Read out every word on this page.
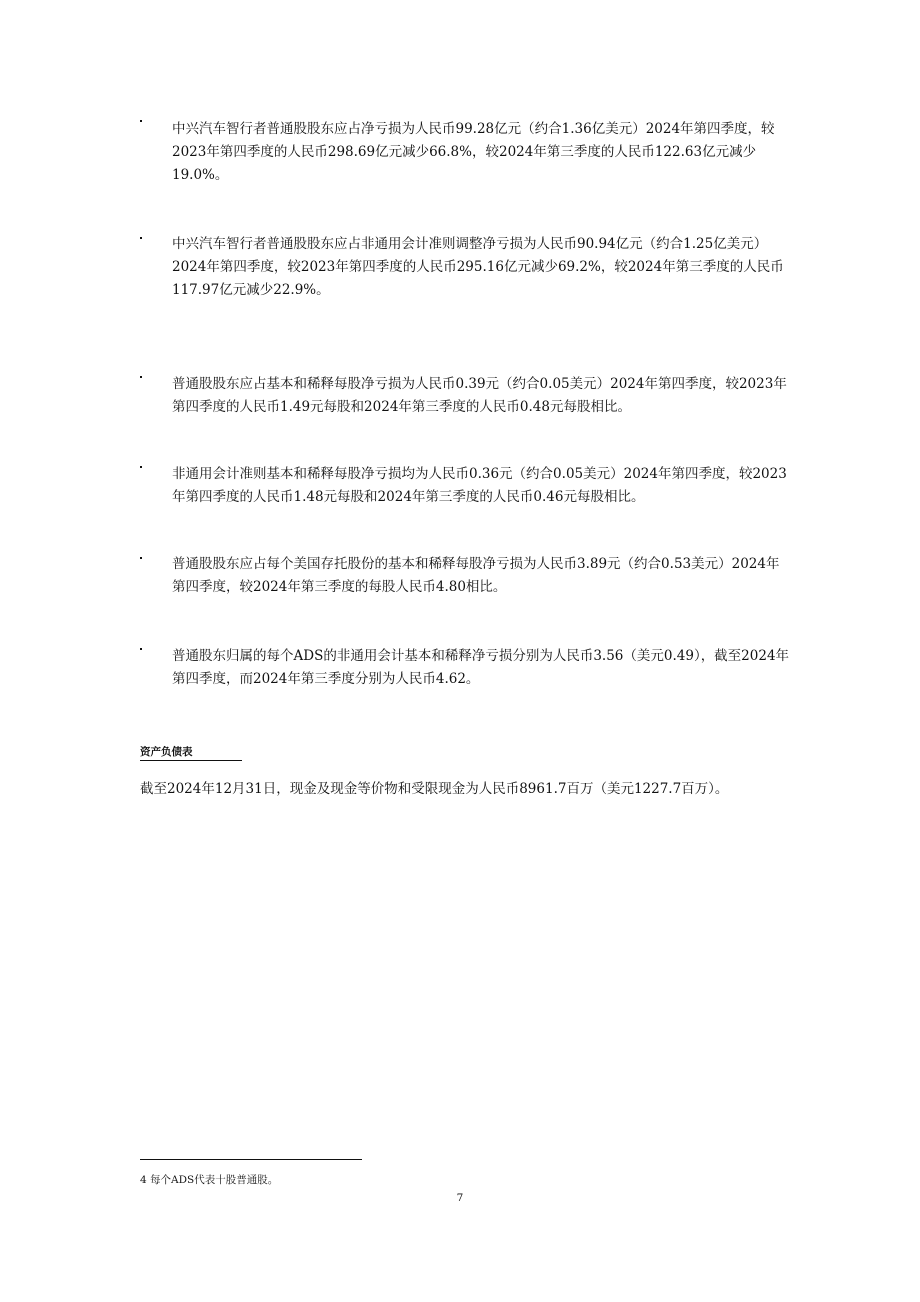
中兴汽车智行者普通股股东应占净亏损为人民币99.28亿元（约合1.36亿美元）2024年第四季度，较2023年第四季度的人民币298.69亿元减少66.8%，较2024年第三季度的人民币122.63亿元减少19.0%。

中兴汽车智行者普通股股东应占非通用会计准则调整净亏损为人民币90.94亿元（约合1.25亿美元）2024年第四季度，较2023年第四季度的人民币295.16亿元减少69.2%，较2024年第三季度的人民币117.97亿元减少22.9%。

普通股股东应占基本和稀释每股净亏损为人民币0.39元（约合0.05美元）2024年第四季度，较2023年第四季度的人民币1.49元每股和2024年第三季度的人民币0.48元每股相比。

非通用会计准则基本和稀释每股净亏损均为人民币0.36元（约合0.05美元）2024年第四季度，较2023年第四季度的人民币1.48元每股和2024年第三季度的人民币0.46元每股相比。

普通股股东应占每个美国存托股份的基本和稀释每股净亏损为人民币3.89元（约合0.53美元）2024年第四季度，较2024年第三季度的每股人民币4.80相比。

普通股东归属的每个ADS的非通用会计基本和稀释净亏损分别为人民币3.56（美元0.49），截至2024年第四季度，而2024年第三季度分别为人民币4.62。

资产负债表

截至2024年12月31日，现金及现金等价物和受限现金为人民币8961.7百万（美元1227.7百万）。

4 每个ADS代表十股普通股。
7
